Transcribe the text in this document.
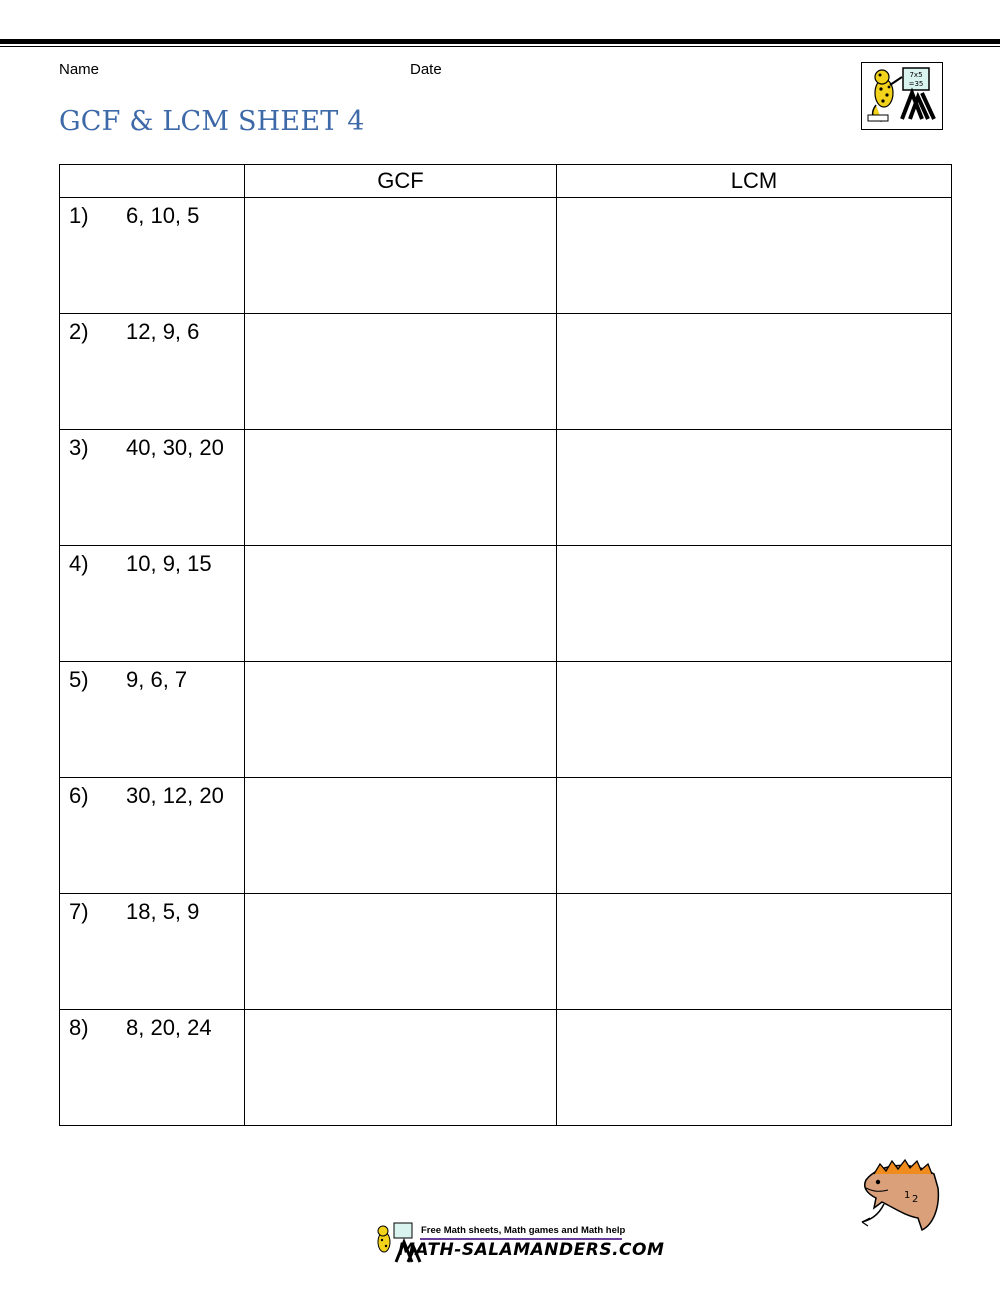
Name	Date
GCF & LCM SHEET 4
7x5
=35
	GCF	LCM

1) 6, 10, 5		

2) 12, 9, 6		

3) 40, 30, 20		

4) 10, 9, 15		

5) 9, 6, 7		

6) 30, 12, 20		

7) 18, 5, 9		

8) 8, 20, 24		

1 2
Free Math sheets, Math games and Math help
MATH-SALAMANDERS.COM
